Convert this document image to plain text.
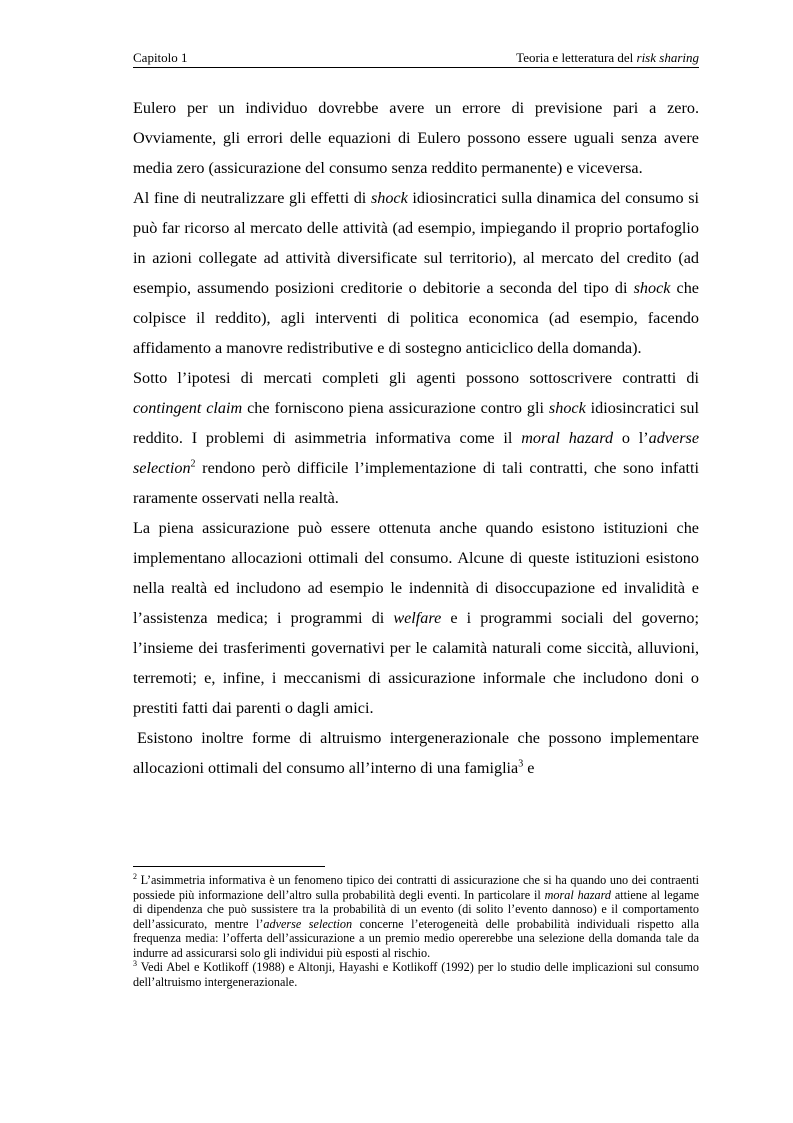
Capitolo 1	Teoria e letteratura del risk sharing

Eulero per un individuo dovrebbe avere un errore di previsione pari a zero. Ovviamente, gli errori delle equazioni di Eulero possono essere uguali senza avere media zero (assicurazione del consumo senza reddito permanente) e viceversa.

Al fine di neutralizzare gli effetti di shock idiosincratici sulla dinamica del consumo si può far ricorso al mercato delle attività (ad esempio, impiegando il proprio portafoglio in azioni collegate ad attività diversificate sul territorio), al mercato del credito (ad esempio, assumendo posizioni creditorie o debitorie a seconda del tipo di shock che colpisce il reddito), agli interventi di politica economica (ad esempio, facendo affidamento a manovre redistributive e di sostegno anticiclico della domanda).

Sotto l’ipotesi di mercati completi gli agenti possono sottoscrivere contratti di contingent claim che forniscono piena assicurazione contro gli shock idiosincratici sul reddito. I problemi di asimmetria informativa come il moral hazard o l’adverse selection$^2$ rendono però difficile l’implementazione di tali contratti, che sono infatti raramente osservati nella realtà.

La piena assicurazione può essere ottenuta anche quando esistono istituzioni che implementano allocazioni ottimali del consumo. Alcune di queste istituzioni esistono nella realtà ed includono ad esempio le indennità di disoccupazione ed invalidità e l’assistenza medica; i programmi di welfare e i programmi sociali del governo; l’insieme dei trasferimenti governativi per le calamità naturali come siccità, alluvioni, terremoti; e, infine, i meccanismi di assicurazione informale che includono doni o prestiti fatti dai parenti o dagli amici.

Esistono inoltre forme di altruismo intergenerazionale che possono implementare allocazioni ottimali del consumo all’interno di una famiglia$^3$ e

$^2$ L’asimmetria informativa è un fenomeno tipico dei contratti di assicurazione che si ha quando uno dei contraenti possiede più informazione dell’altro sulla probabilità degli eventi. In particolare il moral hazard attiene al legame di dipendenza che può sussistere tra la probabilità di un evento (di solito l’evento dannoso) e il comportamento dell’assicurato, mentre l’adverse selection concerne l’eterogeneità delle probabilità individuali rispetto alla frequenza media: l’offerta dell’assicurazione a un premio medio opererebbe una selezione della domanda tale da indurre ad assicurarsi solo gli individui più esposti al rischio.

$^3$ Vedi Abel e Kotlikoff (1988) e Altonji, Hayashi e Kotlikoff (1992) per lo studio delle implicazioni sul consumo dell’altruismo intergenerazionale.
